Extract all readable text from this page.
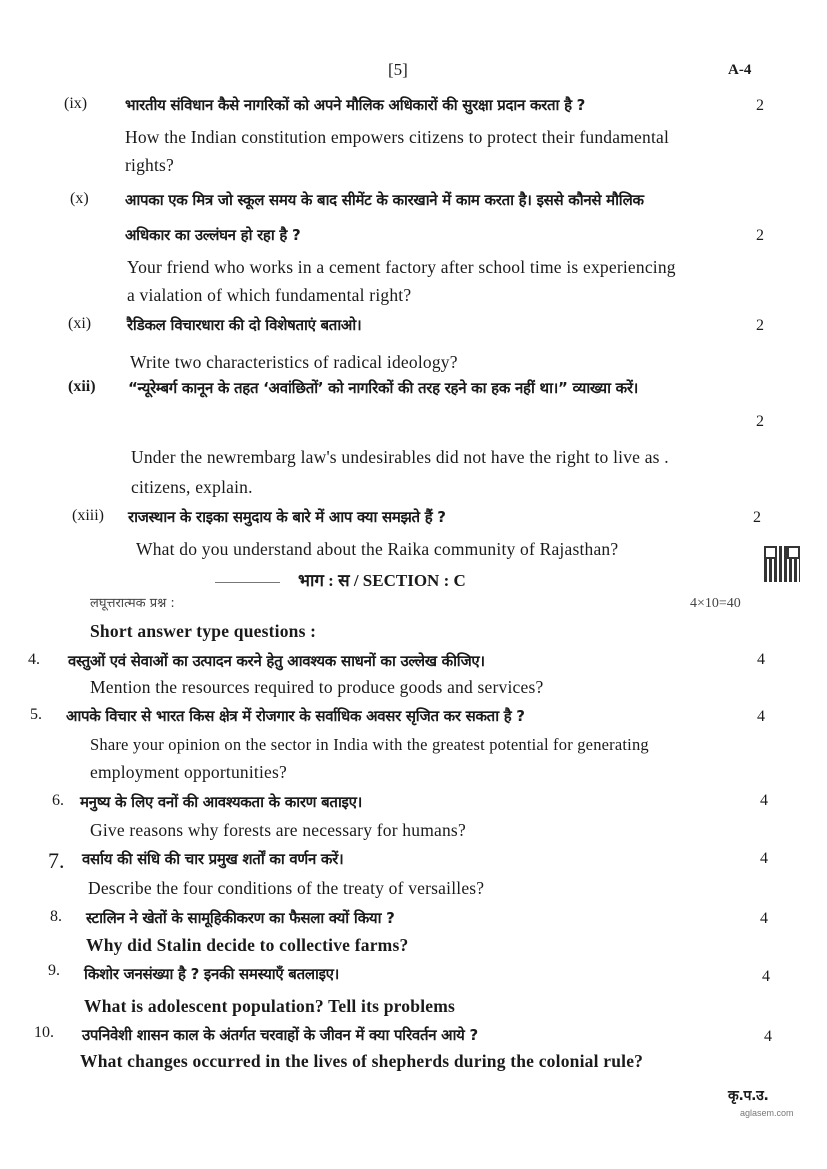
[5]	A-4
(ix)	भारतीय संविधान कैसे नागरिकों को अपने मौलिक अधिकारों की सुरक्षा प्रदान करता है ?	2
How the Indian constitution empowers citizens to protect their fundamental
rights?
(x) आपका एक मित्र जो स्कूल समय के बाद सीमेंट के कारखाने में काम करता है। इससे कौनसे मौलिक
अधिकार का उल्लंघन हो रहा है ?	2
Your friend who works in a cement factory after school time is experiencing
a vialation of which fundamental right?
(xi) रैडिकल विचारधारा की दो विशेषताएं बताओ।	2
Write two characteristics of radical ideology?
(xii) “न्यूरेम्बर्ग कानून के तहत ‘अवांछितों’ को नागरिकों की तरह रहने का हक नहीं था।” व्याख्या करें।
2
Under the newrembarg law's undesirables did not have the right to live as .
citizens, explain.
(xiii) राजस्थान के राइका समुदाय के बारे में आप क्या समझते हैं ?	2
What do you understand about the Raika community of Rajasthan?
भाग : स / SECTION : C
लघूत्तरात्मक प्रश्न :	4×10=40
Short answer type questions :
4. वस्तुओं एवं सेवाओं का उत्पादन करने हेतु आवश्यक साधनों का उल्लेख कीजिए।	4
Mention the resources required to produce goods and services?
5. आपके विचार से भारत किस क्षेत्र में रोजगार के सर्वाधिक अवसर सृजित कर सकता है ?	4
Share your opinion on the sector in India with the greatest potential for generating
employment opportunities?
6. मनुष्य के लिए वनों की आवश्यकता के कारण बताइए।	4
Give reasons why forests are necessary for humans?
7. वर्साय की संधि की चार प्रमुख शर्तों का वर्णन करें।	4
Describe the four conditions of the treaty of versailles?
8. स्टालिन ने खेतों के सामूहिकीकरण का फैसला क्यों किया ?	4
Why did Stalin decide to collective farms?
9. किशोर जनसंख्या है ? इनकी समस्याएँ बतलाइए।	4
What is adolescent population? Tell its problems
10. उपनिवेशी शासन काल के अंतर्गत चरवाहों के जीवन में क्या परिवर्तन आये ?	4
What changes occurred in the lives of shepherds during the colonial rule?
कृ.प.उ.
aglasem.com
